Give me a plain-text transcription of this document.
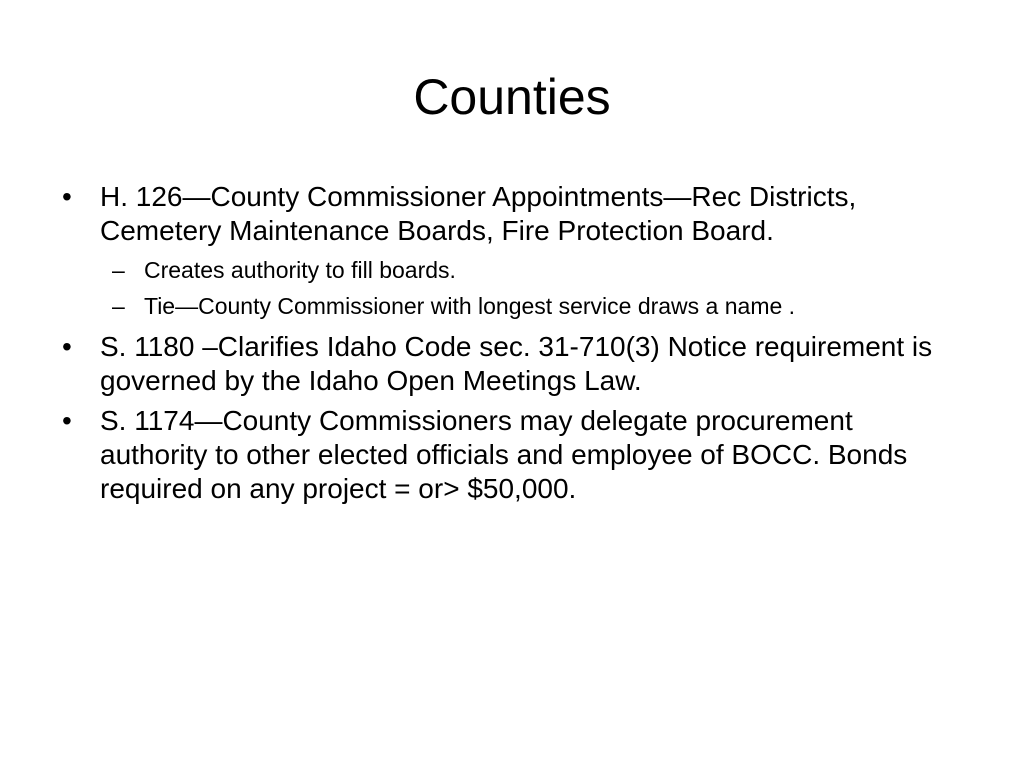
Counties
•	H. 126—County Commissioner Appointments—Rec Districts, Cemetery Maintenance Boards, Fire Protection Board.
– Creates authority to fill boards.
– Tie—County Commissioner with longest service draws a name .
•	S. 1180 –Clarifies Idaho Code sec. 31-710(3) Notice requirement is governed by the Idaho Open Meetings Law.
•	S. 1174—County Commissioners may delegate procurement authority to other elected officials and employee of BOCC. Bonds required on any project = or> $50,000.
